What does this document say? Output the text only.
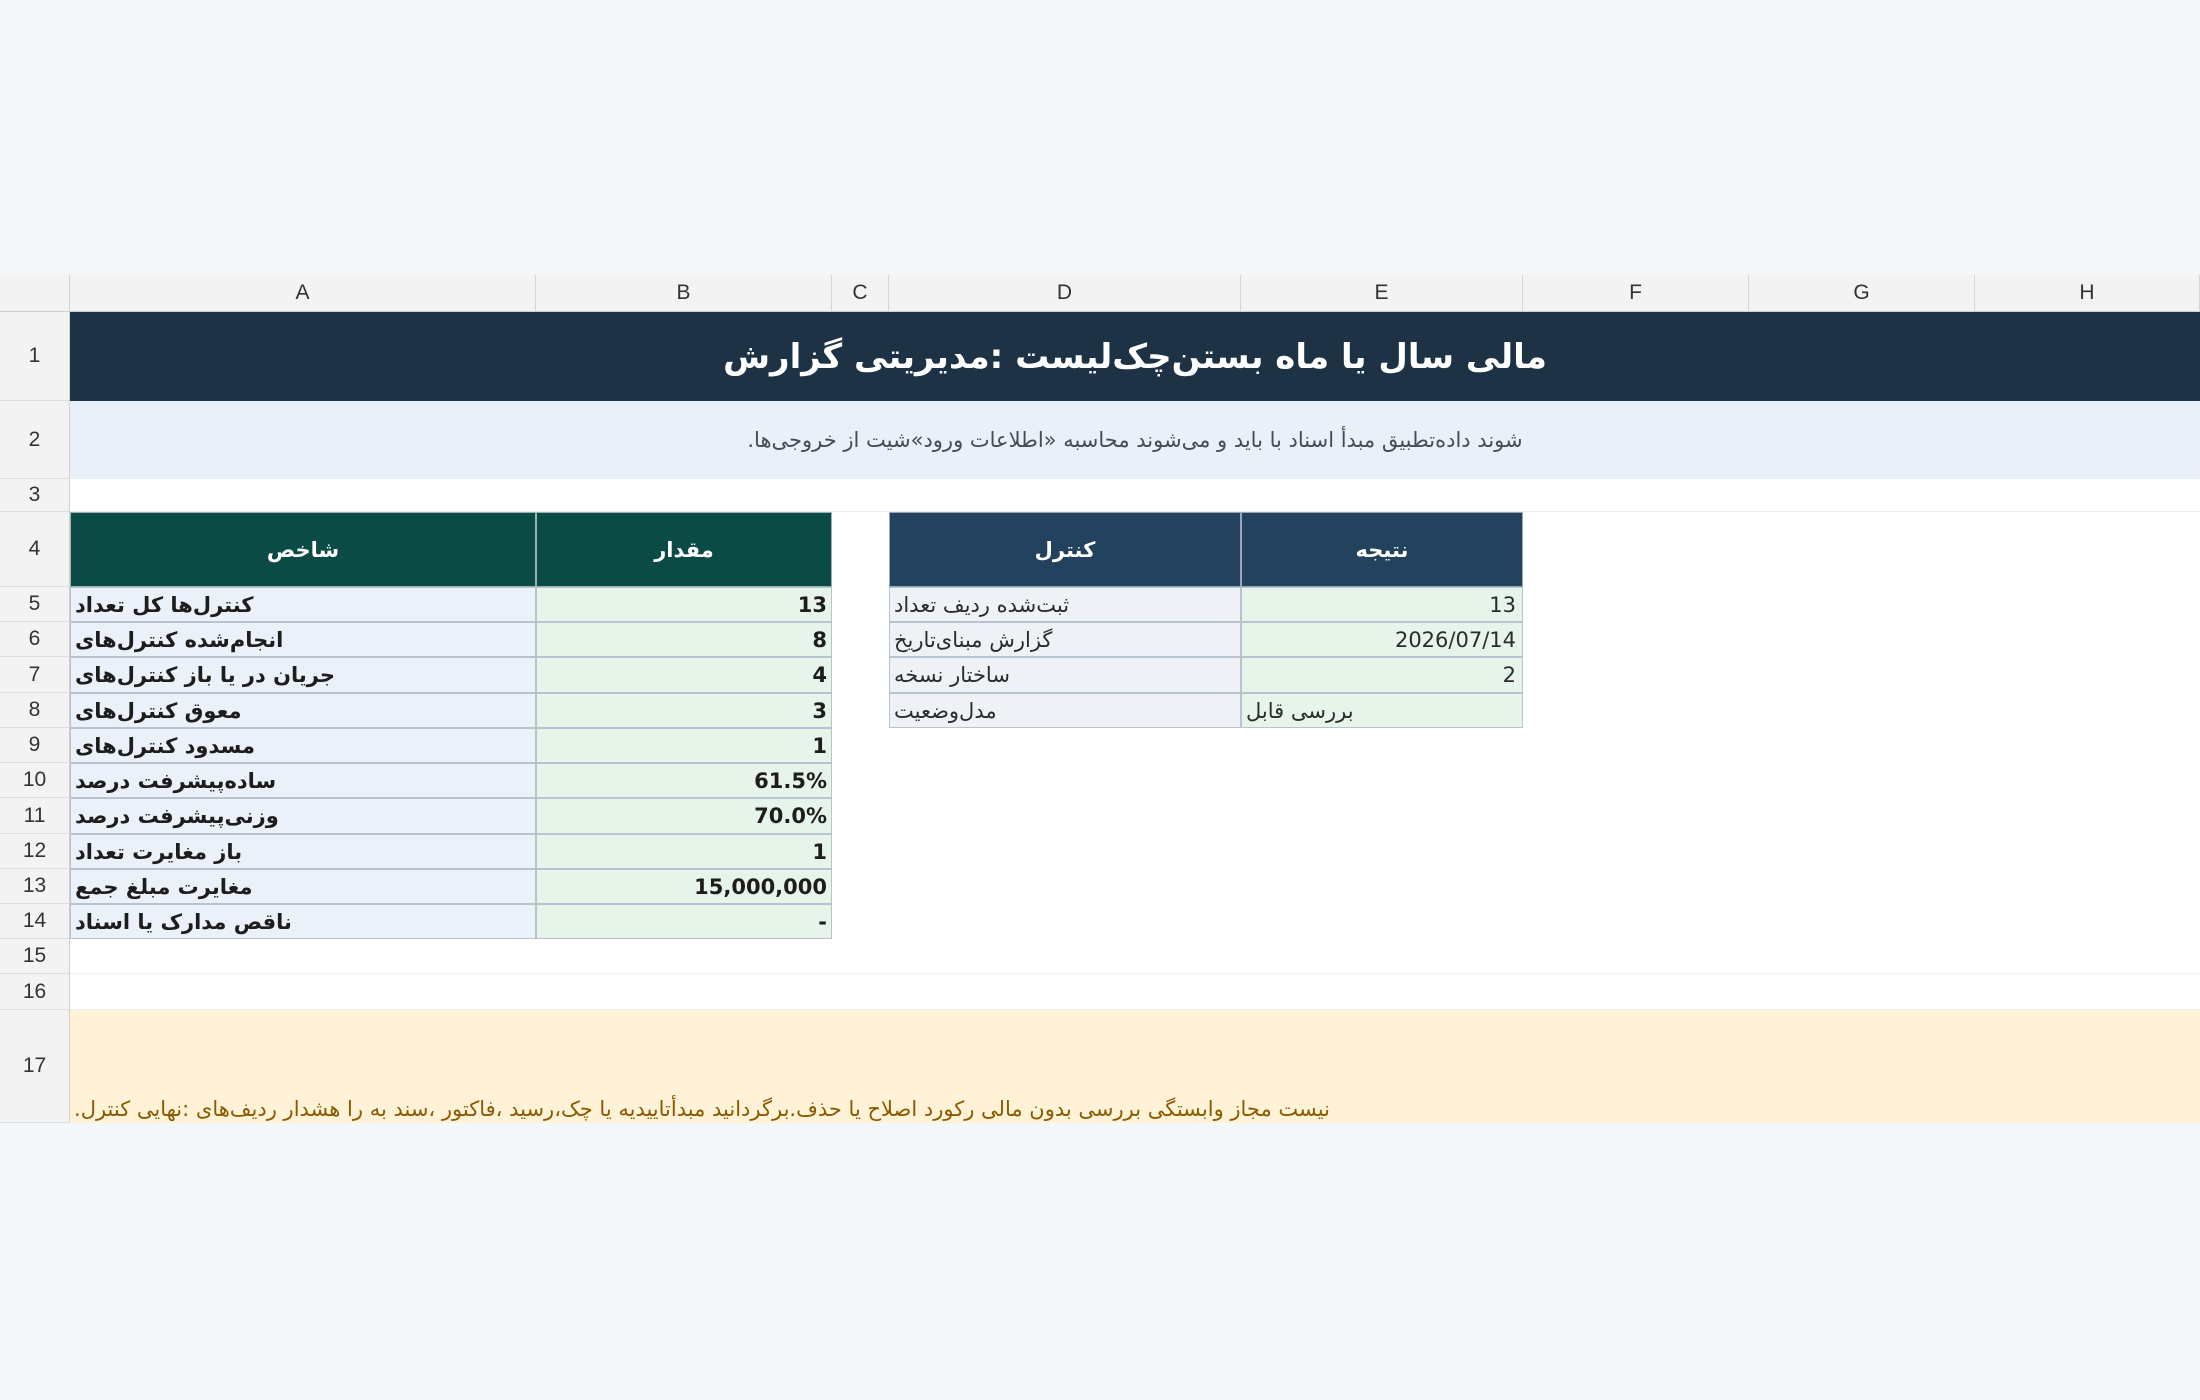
A	B	C	D	E	F	G	H
1
2
3
4
5
6
7
8
9
10
11
12
13
14
15
16
17
مالی سال یا ماه بستن‌چک‌لیست :مدیریتی گزارش
.شوند داده‌تطبیق مبدأ اسناد با باید و می‌شوند محاسبه «اطلاعات ورود»شیت از خروجی‌ها
شاخص	مقدار
کنترل‌ها کل تعداد	13
انجام‌شده کنترل‌های	8
جریان در یا باز کنترل‌های	4
معوق کنترل‌های	3
مسدود کنترل‌های	1
ساده‌پیشرفت درصد	61.5%
وزنی‌پیشرفت درصد	70.0%
باز مغایرت تعداد	1
مغایرت مبلغ جمع	15,000,000
ناقص مدارک یا اسناد	-
کنترل	نتیجه
ثبت‌شده ردیف تعداد	13
گزارش مبنای‌تاریخ	2026/07/14
ساختار نسخه	2
مدل‌وضعیت	بررسی قابل
.نیست مجاز وابستگی بررسی بدون مالی رکورد اصلاح یا حذف.برگردانید مبدأتاییدیه یا چک،رسید ،فاکتور ،سند به را هشدار ردیف‌های :نهایی کنترل
